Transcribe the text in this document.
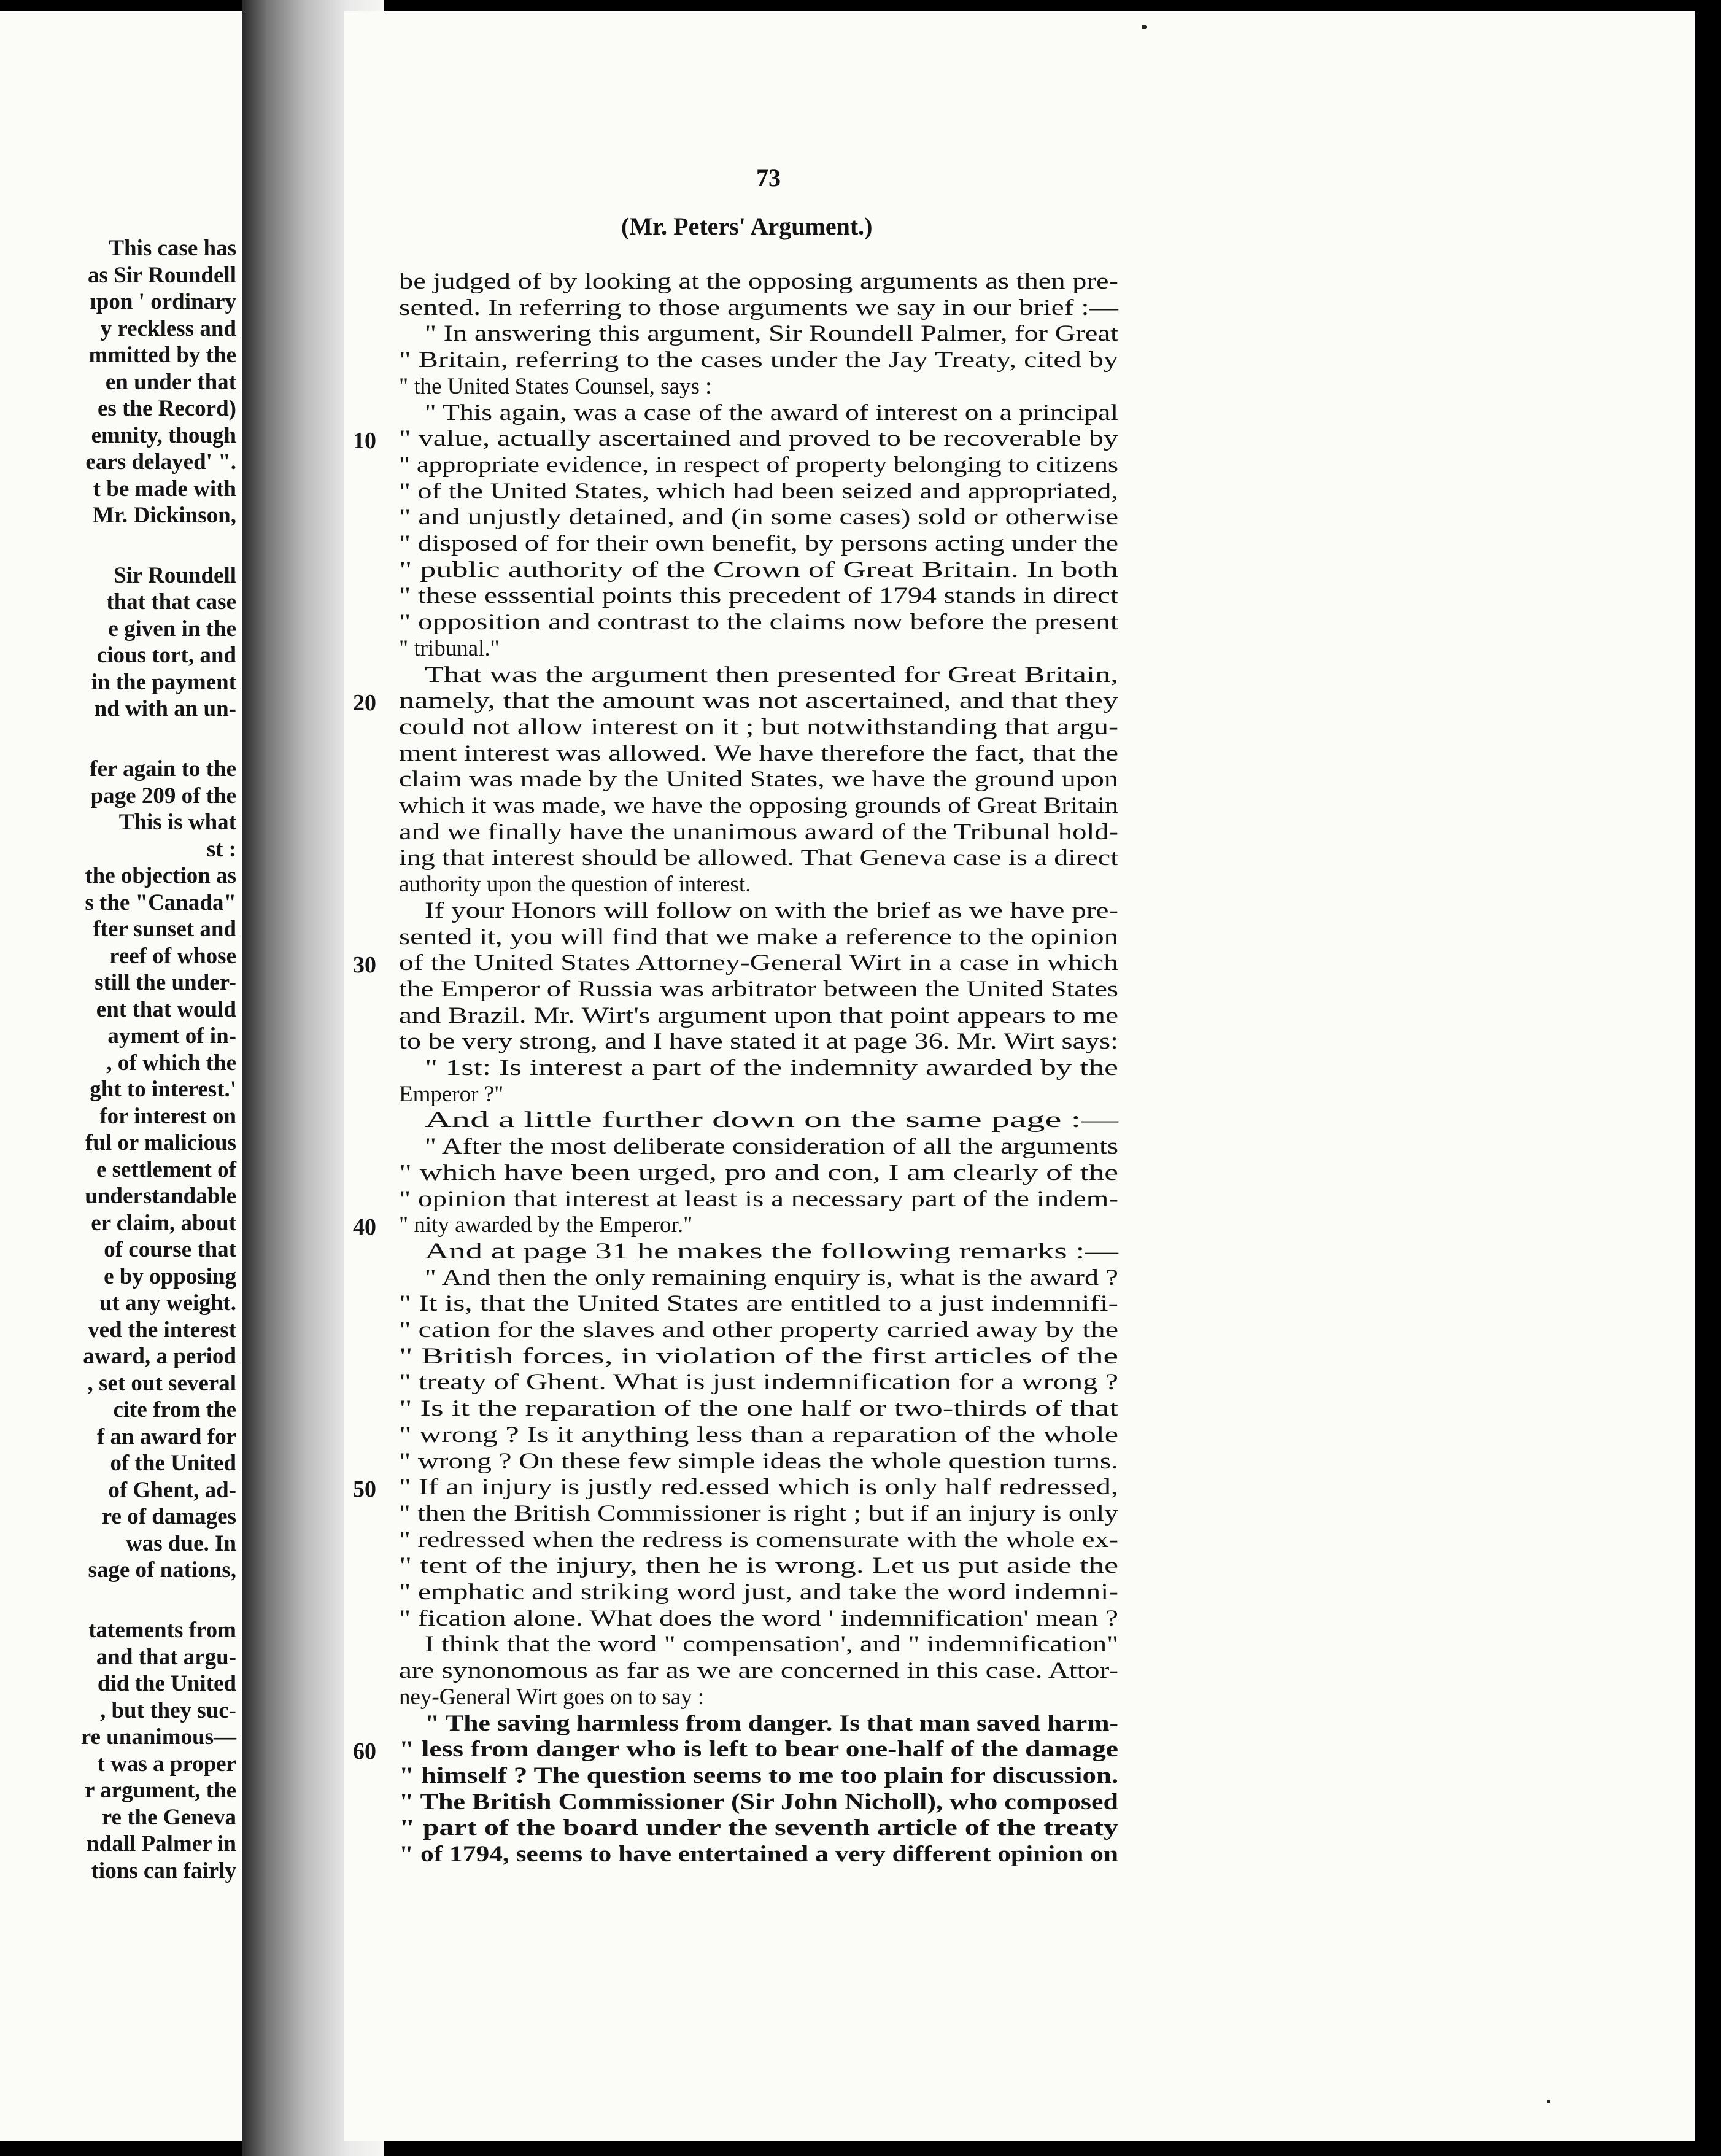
This case has
as Sir Roundell
ıpon ' ordinary
y reckless and
mmitted by the
en under that
es the Record)
emnity, though
ears delayed' ".
t be made with
Mr. Dickinson,
Sir Roundell
that that case
e given in the
cious tort, and
in the payment
nd with an un-
fer again to the
page 209 of the
This is what
st :
the objection as
s the "Canada"
fter sunset and
reef of whose
still the under-
ent that would
ayment of in-
, of which the
ght to interest.'
for interest on
ful or malicious
e settlement of
understandable
er claim, about
of course that
e by opposing
ut any weight.
ved the interest
award, a period
, set out several
cite from the
f an award for
of the United
of Ghent, ad-
re of damages
was due. In
sage of nations,
tatements from
and that argu-
did the United
, but they suc-
re unanimous—
t was a proper
r argument, the
re the Geneva
ndall Palmer in
tions can fairly
73
(Mr. Peters' Argument.)
be judged of by looking at the opposing arguments as then pre-
sented. In referring to those arguments we say in our brief :—
" In answering this argument, Sir Roundell Palmer, for Great
" Britain, referring to the cases under the Jay Treaty, cited by
" the United States Counsel, says :
" This again, was a case of the award of interest on a principal
" value, actually ascertained and proved to be recoverable by
" appropriate evidence, in respect of property belonging to citizens
" of the United States, which had been seized and appropriated,
" and unjustly detained, and (in some cases) sold or otherwise
" disposed of for their own benefit, by persons acting under the
" public authority of the Crown of Great Britain. In both
" these esssential points this precedent of 1794 stands in direct
" opposition and contrast to the claims now before the present
" tribunal."
That was the argument then presented for Great Britain,
namely, that the amount was not ascertained, and that they
could not allow interest on it ; but notwithstanding that argu-
ment interest was allowed. We have therefore the fact, that the
claim was made by the United States, we have the ground upon
which it was made, we have the opposing grounds of Great Britain
and we finally have the unanimous award of the Tribunal hold-
ing that interest should be allowed. That Geneva case is a direct
authority upon the question of interest.
If your Honors will follow on with the brief as we have pre-
sented it, you will find that we make a reference to the opinion
of the United States Attorney-General Wirt in a case in which
the Emperor of Russia was arbitrator between the United States
and Brazil. Mr. Wirt's argument upon that point appears to me
to be very strong, and I have stated it at page 36. Mr. Wirt says:
" 1st: Is interest a part of the indemnity awarded by the
Emperor ?"
And a little further down on the same page :—
" After the most deliberate consideration of all the arguments
" which have been urged, pro and con, I am clearly of the
" opinion that interest at least is a necessary part of the indem-
" nity awarded by the Emperor."
And at page 31 he makes the following remarks :—
" And then the only remaining enquiry is, what is the award ?
" It is, that the United States are entitled to a just indemnifi-
" cation for the slaves and other property carried away by the
" British forces, in violation of the first articles of the
" treaty of Ghent. What is just indemnification for a wrong ?
" Is it the reparation of the one half or two-thirds of that
" wrong ? Is it anything less than a reparation of the whole
" wrong ? On these few simple ideas the whole question turns.
" If an injury is justly red.essed which is only half redressed,
" then the British Commissioner is right ; but if an injury is only
" redressed when the redress is comensurate with the whole ex-
" tent of the injury, then he is wrong. Let us put aside the
" emphatic and striking word just, and take the word indemni-
" fication alone. What does the word ' indemnification' mean ?
I think that the word " compensation', and " indemnification"
are synonomous as far as we are concerned in this case. Attor-
ney-General Wirt goes on to say :
" The saving harmless from danger. Is that man saved harm-
" less from danger who is left to bear one-half of the damage
" himself ? The question seems to me too plain for discussion.
" The British Commissioner (Sir John Nicholl), who composed
" part of the board under the seventh article of the treaty
" of 1794, seems to have entertained a very different opinion on
10
20
30
40
50
60
